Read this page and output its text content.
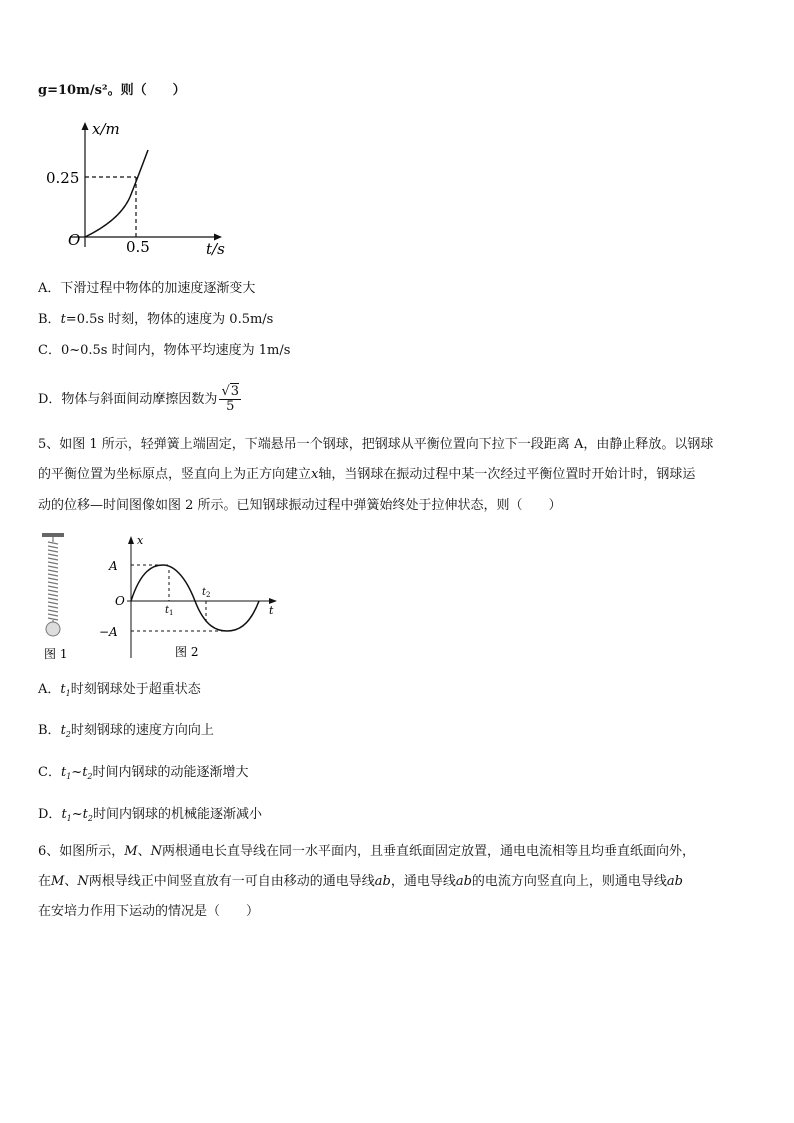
g=10m/s²。则（　　）
x/m
0.25
O	0.5	t/s
A．下滑过程中物体的加速度逐渐变大
B．t=0.5s 时刻，物体的速度为 0.5m/s
C．0~0.5s 时间内，物体平均速度为 1m/s
D．物体与斜面间动摩擦因数为 $\frac{√3}{5}$
5、如图 1 所示，轻弹簧上端固定，下端悬吊一个钢球，把钢球从平衡位置向下拉下一段距离 A，由静止释放。以钢球
的平衡位置为坐标原点，竖直向上为正方向建立x轴，当钢球在振动过程中某一次经过平衡位置时开始计时，钢球运
动的位移—时间图像如图 2 所示。已知钢球振动过程中弹簧始终处于拉伸状态，则（　　）
图 1
x
A
O
−A
t
$t_1$
$t_2$
图 2
A．$t_1$时刻钢球处于超重状态
B．$t_2$时刻钢球的速度方向向上
C．$t_1\sim t_2$时间内钢球的动能逐渐增大
D．$t_1\sim t_2$时间内钢球的机械能逐渐减小
6、如图所示，M、N两根通电长直导线在同一水平面内，且垂直纸面固定放置，通电电流相等且均垂直纸面向外，
在M、N两根导线正中间竖直放有一可自由移动的通电导线ab，通电导线ab的电流方向竖直向上，则通电导线ab
在安培力作用下运动的情况是（　　）
